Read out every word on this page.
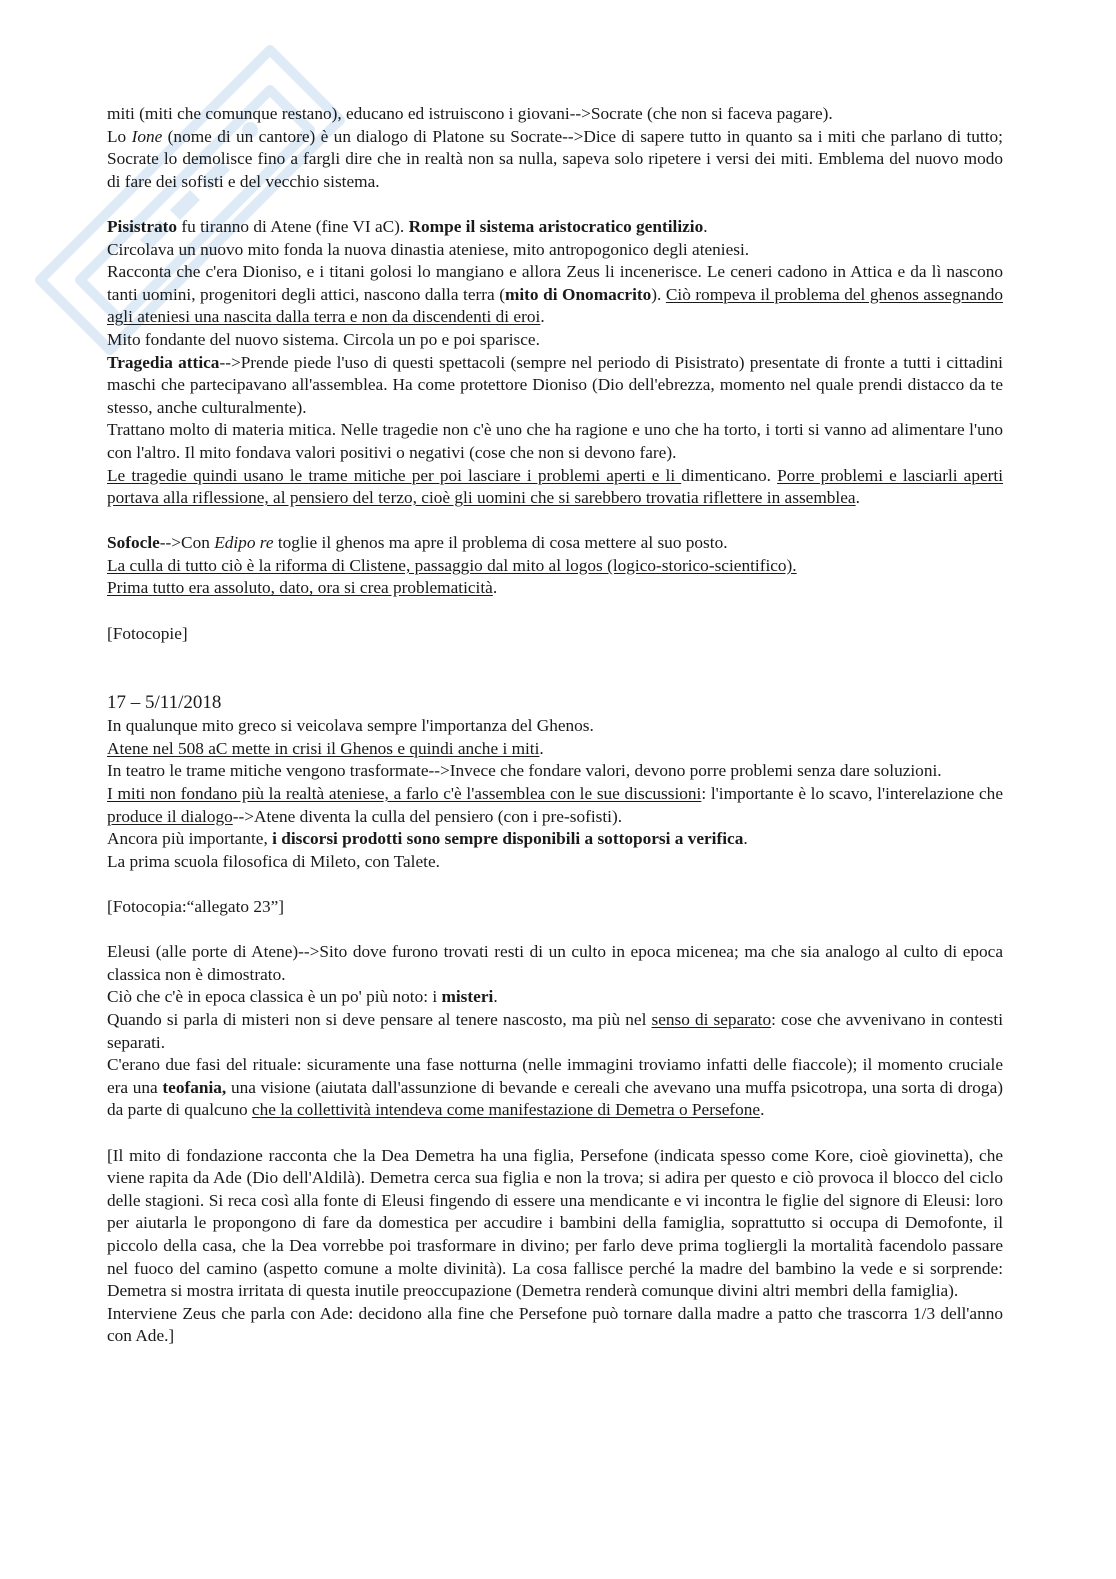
miti (miti che comunque restano), educano ed istruiscono i giovani-->Socrate (che non si faceva pagare).

Lo Ione (nome di un cantore) è un dialogo di Platone su Socrate-->Dice di sapere tutto in quanto sa i miti che parlano di tutto; Socrate lo demolisce fino a fargli dire che in realtà non sa nulla, sapeva solo ripetere i versi dei miti. Emblema del nuovo modo di fare dei sofisti e del vecchio sistema.

Pisistrato fu tiranno di Atene (fine VI aC). Rompe il sistema aristocratico gentilizio.

Circolava un nuovo mito fonda la nuova dinastia ateniese, mito antropogonico degli ateniesi.

Racconta che c'era Dioniso, e i titani golosi lo mangiano e allora Zeus li incenerisce. Le ceneri cadono in Attica e da lì nascono tanti uomini, progenitori degli attici, nascono dalla terra (mito di Onomacrito). Ciò rompeva il problema del ghenos assegnando agli ateniesi una nascita dalla terra e non da discendenti di eroi.

Mito fondante del nuovo sistema. Circola un po e poi sparisce.

Tragedia attica-->Prende piede l'uso di questi spettacoli (sempre nel periodo di Pisistrato) presentate di fronte a tutti i cittadini maschi che partecipavano all'assemblea. Ha come protettore Dioniso (Dio dell'ebrezza, momento nel quale prendi distacco da te stesso, anche culturalmente).

Trattano molto di materia mitica. Nelle tragedie non c'è uno che ha ragione e uno che ha torto, i torti si vanno ad alimentare l'uno con l'altro. Il mito fondava valori positivi o negativi (cose che non si devono fare).

Le tragedie quindi usano le trame mitiche per poi lasciare i problemi aperti e li dimenticano. Porre problemi e lasciarli aperti portava alla riflessione, al pensiero del terzo, cioè gli uomini che si sarebbero trovatia riflettere in assemblea.

Sofocle-->Con Edipo re toglie il ghenos ma apre il problema di cosa mettere al suo posto.

La culla di tutto ciò è la riforma di Clistene, passaggio dal mito al logos (logico-storico-scientifico).

Prima tutto era assoluto, dato, ora si crea problematicità.

[Fotocopie]

17 – 5/11/2018

In qualunque mito greco si veicolava sempre l'importanza del Ghenos.

Atene nel 508 aC mette in crisi il Ghenos e quindi anche i miti.

In teatro le trame mitiche vengono trasformate-->Invece che fondare valori, devono porre problemi senza dare soluzioni.

I miti non fondano più la realtà ateniese, a farlo c'è l'assemblea con le sue discussioni: l'importante è lo scavo, l'interelazione che produce il dialogo-->Atene diventa la culla del pensiero (con i pre-sofisti).

Ancora più importante, i discorsi prodotti sono sempre disponibili a sottoporsi a verifica.

La prima scuola filosofica di Mileto, con Talete.

[Fotocopia:“allegato 23”]

Eleusi (alle porte di Atene)-->Sito dove furono trovati resti di un culto in epoca micenea; ma che sia analogo al culto di epoca classica non è dimostrato.

Ciò che c'è in epoca classica è un po' più noto: i misteri.

Quando si parla di misteri non si deve pensare al tenere nascosto, ma più nel senso di separato: cose che avvenivano in contesti separati.

C'erano due fasi del rituale: sicuramente una fase notturna (nelle immagini troviamo infatti delle fiaccole); il momento cruciale era una teofania, una visione (aiutata dall'assunzione di bevande e cereali che avevano una muffa psicotropa, una sorta di droga) da parte di qualcuno che la collettività intendeva come manifestazione di Demetra o Persefone.

[Il mito di fondazione racconta che la Dea Demetra ha una figlia, Persefone (indicata spesso come Kore, cioè giovinetta), che viene rapita da Ade (Dio dell'Aldilà). Demetra cerca sua figlia e non la trova; si adira per questo e ciò provoca il blocco del ciclo delle stagioni. Si reca così alla fonte di Eleusi fingendo di essere una mendicante e vi incontra le figlie del signore di Eleusi: loro per aiutarla le propongono di fare da domestica per accudire i bambini della famiglia, soprattutto si occupa di Demofonte, il piccolo della casa, che la Dea vorrebbe poi trasformare in divino; per farlo deve prima togliergli la mortalità facendolo passare nel fuoco del camino (aspetto comune a molte divinità). La cosa fallisce perché la madre del bambino la vede e si sorprende: Demetra si mostra irritata di questa inutile preoccupazione (Demetra renderà comunque divini altri membri della famiglia).

Interviene Zeus che parla con Ade: decidono alla fine che Persefone può tornare dalla madre a patto che trascorra 1/3 dell'anno con Ade.]
